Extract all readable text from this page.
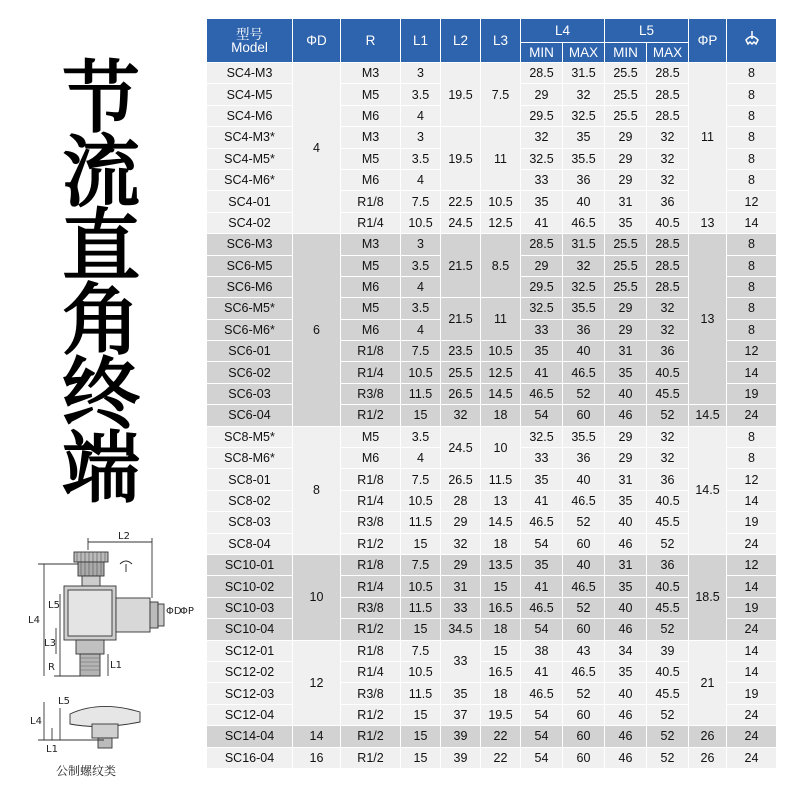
节
流
直
角
终
端
L2
L4
L5
L3
L1
R
ΦD
ΦP
L4
L5
L1
公制螺纹类
型号
Model	ΦD	R	L1	L2	L3	L4		L5		ΦP	
						MIN	MAX	MIN	MAX		
SC4-M3	4	M3	3	19.5	7.5	28.5	31.5	25.5	28.5	11	8
SC4-M5		M5	3.5			29	32	25.5	28.5		8
SC4-M6		M6	4			29.5	32.5	25.5	28.5		8
SC4-M3*		M3	3	19.5	11	32	35	29	32		8
SC4-M5*		M5	3.5			32.5	35.5	29	32		8
SC4-M6*		M6	4			33	36	29	32		8
SC4-01		R1/8	7.5	22.5	10.5	35	40	31	36		12
SC4-02		R1/4	10.5	24.5	12.5	41	46.5	35	40.5	13	14
SC6-M3	6	M3	3	21.5	8.5	28.5	31.5	25.5	28.5	13	8
SC6-M5		M5	3.5			29	32	25.5	28.5		8
SC6-M6		M6	4			29.5	32.5	25.5	28.5		8
SC6-M5*		M5	3.5	21.5	11	32.5	35.5	29	32		8
SC6-M6*		M6	4			33	36	29	32		8
SC6-01		R1/8	7.5	23.5	10.5	35	40	31	36		12
SC6-02		R1/4	10.5	25.5	12.5	41	46.5	35	40.5		14
SC6-03		R3/8	11.5	26.5	14.5	46.5	52	40	45.5		19
SC6-04		R1/2	15	32	18	54	60	46	52	14.5	24
SC8-M5*	8	M5	3.5	24.5	10	32.5	35.5	29	32	14.5	8
SC8-M6*		M6	4			33	36	29	32		8
SC8-01		R1/8	7.5	26.5	11.5	35	40	31	36		12
SC8-02		R1/4	10.5	28	13	41	46.5	35	40.5		14
SC8-03		R3/8	11.5	29	14.5	46.5	52	40	45.5		19
SC8-04		R1/2	15	32	18	54	60	46	52		24
SC10-01	10	R1/8	7.5	29	13.5	35	40	31	36	18.5	12
SC10-02		R1/4	10.5	31	15	41	46.5	35	40.5		14
SC10-03		R3/8	11.5	33	16.5	46.5	52	40	45.5		19
SC10-04		R1/2	15	34.5	18	54	60	46	52		24
SC12-01	12	R1/8	7.5	33	15	38	43	34	39	21	14
SC12-02		R1/4	10.5		16.5	41	46.5	35	40.5		14
SC12-03		R3/8	11.5	35	18	46.5	52	40	45.5		19
SC12-04		R1/2	15	37	19.5	54	60	46	52		24
SC14-04	14	R1/2	15	39	22	54	60	46	52	26	24
SC16-04	16	R1/2	15	39	22	54	60	46	52	26	24
